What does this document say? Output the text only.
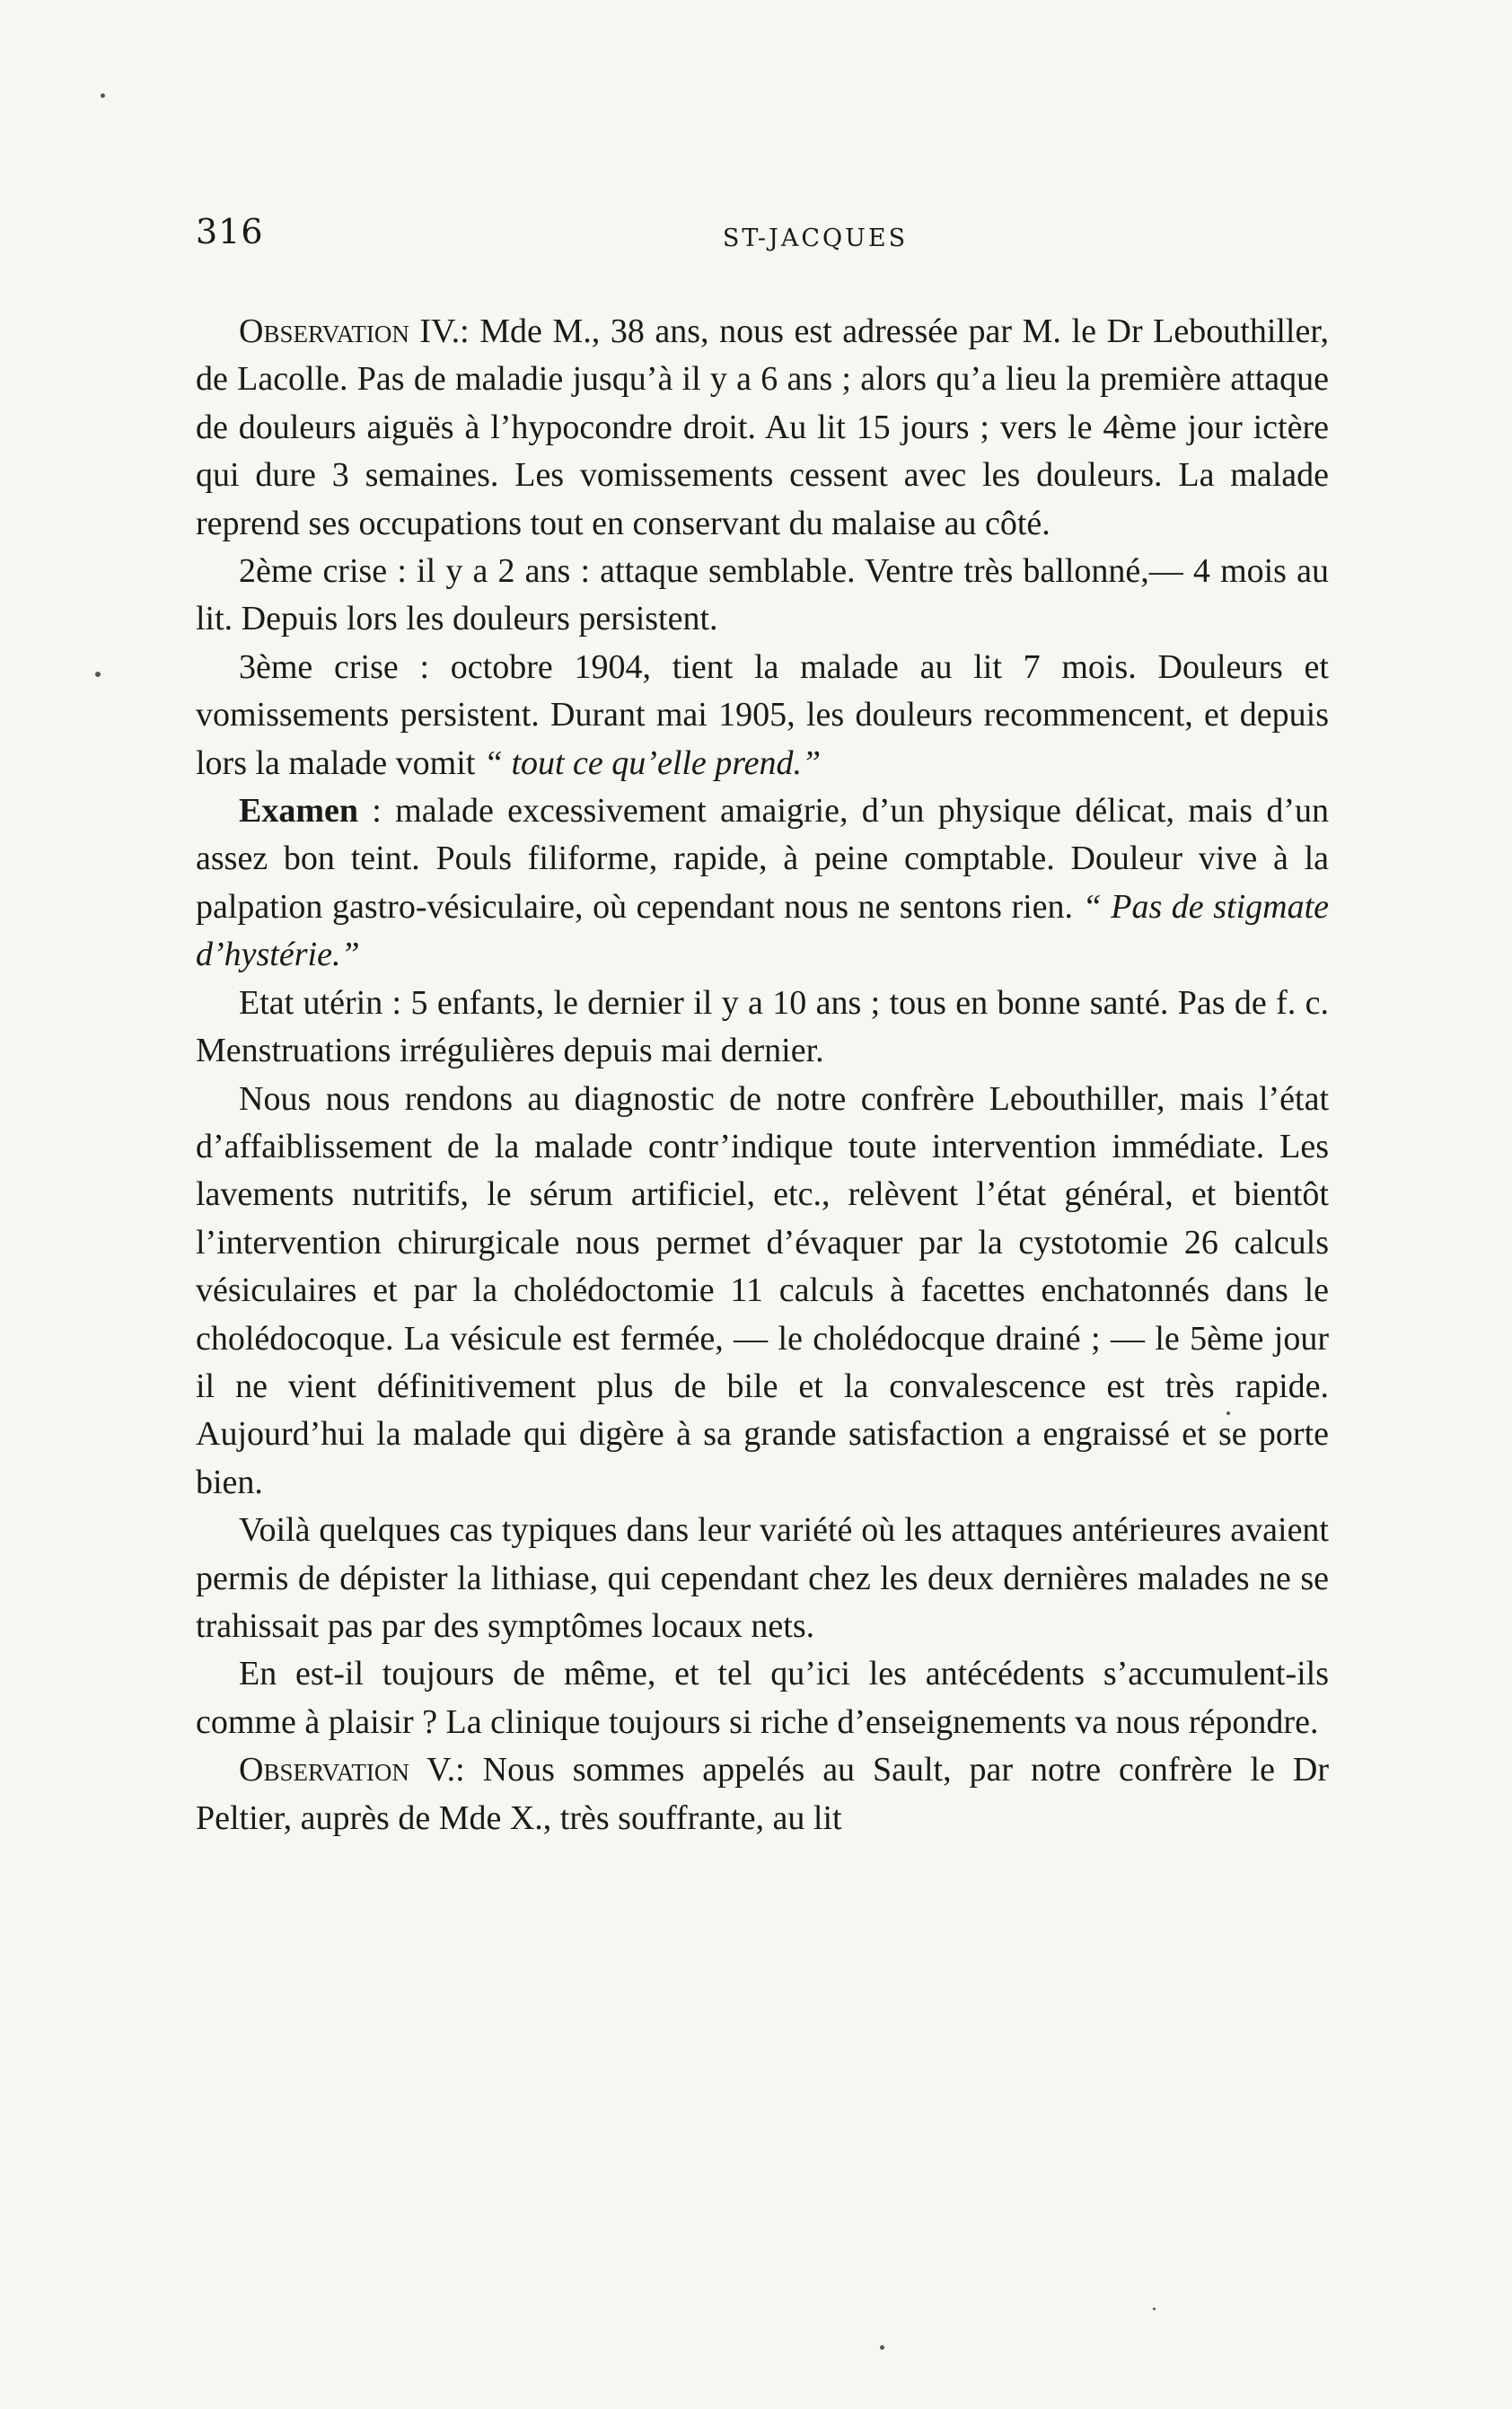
316	ST-JACQUES

Observation IV.: Mde M., 38 ans, nous est adressée par M. le Dr Lebouthiller, de Lacolle. Pas de maladie jusqu’à il y a 6 ans ; alors qu’a lieu la première attaque de douleurs aiguës à l’hypocondre droit. Au lit 15 jours ; vers le 4ème jour ictère qui dure 3 semaines. Les vomissements cessent avec les douleurs. La malade reprend ses occupations tout en conservant du malaise au côté.

2ème crise : il y a 2 ans : attaque semblable. Ventre très ballonné,— 4 mois au lit. Depuis lors les douleurs persistent.

3ème crise : octobre 1904, tient la malade au lit 7 mois. Douleurs et vomissements persistent. Durant mai 1905, les douleurs recommencent, et depuis lors la malade vomit “ tout ce qu’elle prend.”

Examen : malade excessivement amaigrie, d’un physique délicat, mais d’un assez bon teint. Pouls filiforme, rapide, à peine comptable. Douleur vive à la palpation gastro-vésiculaire, où cependant nous ne sentons rien. “ Pas de stigmate d’hystérie.”

Etat utérin : 5 enfants, le dernier il y a 10 ans ; tous en bonne santé. Pas de f. c. Menstruations irrégulières depuis mai dernier.

Nous nous rendons au diagnostic de notre confrère Lebouthiller, mais l’état d’affaiblissement de la malade contr’indique toute intervention immédiate. Les lavements nutritifs, le sérum artificiel, etc., relèvent l’état général, et bientôt l’intervention chirurgicale nous permet d’évaquer par la cystotomie 26 calculs vésiculaires et par la cholédoctomie 11 calculs à facettes enchatonnés dans le cholédocoque. La vésicule est fermée, — le cholédocque drainé ; — le 5ème jour il ne vient définitivement plus de bile et la convalescence est très rapide. Aujourd’hui la malade qui digère à sa grande satisfaction a engraissé et se porte bien.

Voilà quelques cas typiques dans leur variété où les attaques antérieures avaient permis de dépister la lithiase, qui cependant chez les deux dernières malades ne se trahissait pas par des symptômes locaux nets.

En est-il toujours de même, et tel qu’ici les antécédents s’accumulent-ils comme à plaisir ? La clinique toujours si riche d’enseignements va nous répondre.

Observation V.: Nous sommes appelés au Sault, par notre confrère le Dr Peltier, auprès de Mde X., très souffrante, au lit
